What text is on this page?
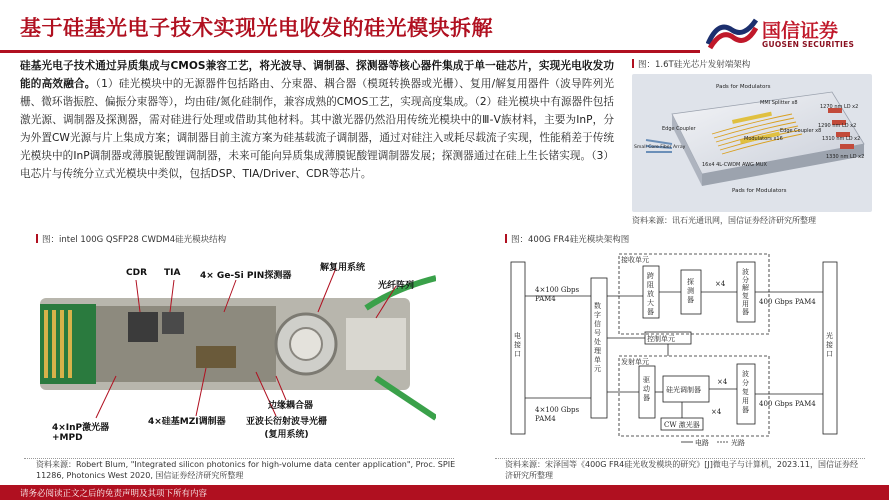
基于硅基光电子技术实现光电收发的硅光模块拆解	国信证券
GUOSEN SECURITIES
硅基光电子技术通过异质集成与CMOS兼容工艺，将光波导、调制器、探测器等核心器件集成于单一硅芯片，实现光电收发功能的高效融合。（1）硅光模块中的无源器件包括路由、分束器、耦合器（模斑转换器或光栅）、复用/解复用器件（波导阵列光栅、微环谐振腔、偏振分束器等），均由硅/氮化硅制作，兼容成熟的CMOS工艺，实现高度集成。（2）硅光模块中有源器件包括激光源、调制器及探测器，需对硅进行处理或借助其他材料。其中激光器仍然沿用传统光模块中的Ⅲ-Ⅴ族材料，主要为InP，分为外置CW光源与片上集成方案；调制器目前主流方案为硅基载流子调制器，通过对硅注入或耗尽载流子实现，性能稍差于传统光模块中的InP调制器或薄膜铌酸锂调制器，未来可能向异质集成薄膜铌酸锂调制器发展；探测器通过在硅上生长锗实现。（3）电芯片与传统分立式光模块中类似，包括DSP、TIA/Driver、CDR等芯片。
图：1.6T硅光芯片发射端架构
Pads for Modulators
MMI Splitter x8
1270 nm LD x2
1290 nm LD x2
1310 nm LD x2
1330 nm LD x2
Edge Coupler
Modulators x16
Edge Coupler x8
Small Core Fiber Array
16x4 4L-CWDM AWG MUX
Pads for Modulators
资料来源：讯石光通讯网，国信证券经济研究所整理
图：intel 100G QSFP28 CWDM4硅光模块结构
CDR TIA 4× Ge-Si PIN探测器
解复用系统
光纤阵列
边缘耦合器
4×InP激光器
+MPD
4×硅基MZI调制器 亚波长衍射波导光栅
(复用系统)
资料来源：Robert Blum, "Integrated silicon photonics for high-volume data center application", Proc. SPIE 11286, Photonics West 2020, 国信证券经济研究所整理
图：400G FR4硅光模块架构图
电接口
光接口
数字信号处理单元
接收单元
发射单元
跨阻放大器
探测器
波分解复用器
控制单元
驱动器
硅光调制器
波分复用器
CW 激光器
×4
×4
×4
4×100 Gbps PAM4
4×100 Gbps PAM4
400 Gbps PAM4
400 Gbps PAM4
电路	光路
资料来源：宋泽国等《400G FR4硅光收发模块的研究》[J]微电子与计算机，2023.11，国信证券经济研究所整理
请务必阅读正文之后的免责声明及其项下所有内容
